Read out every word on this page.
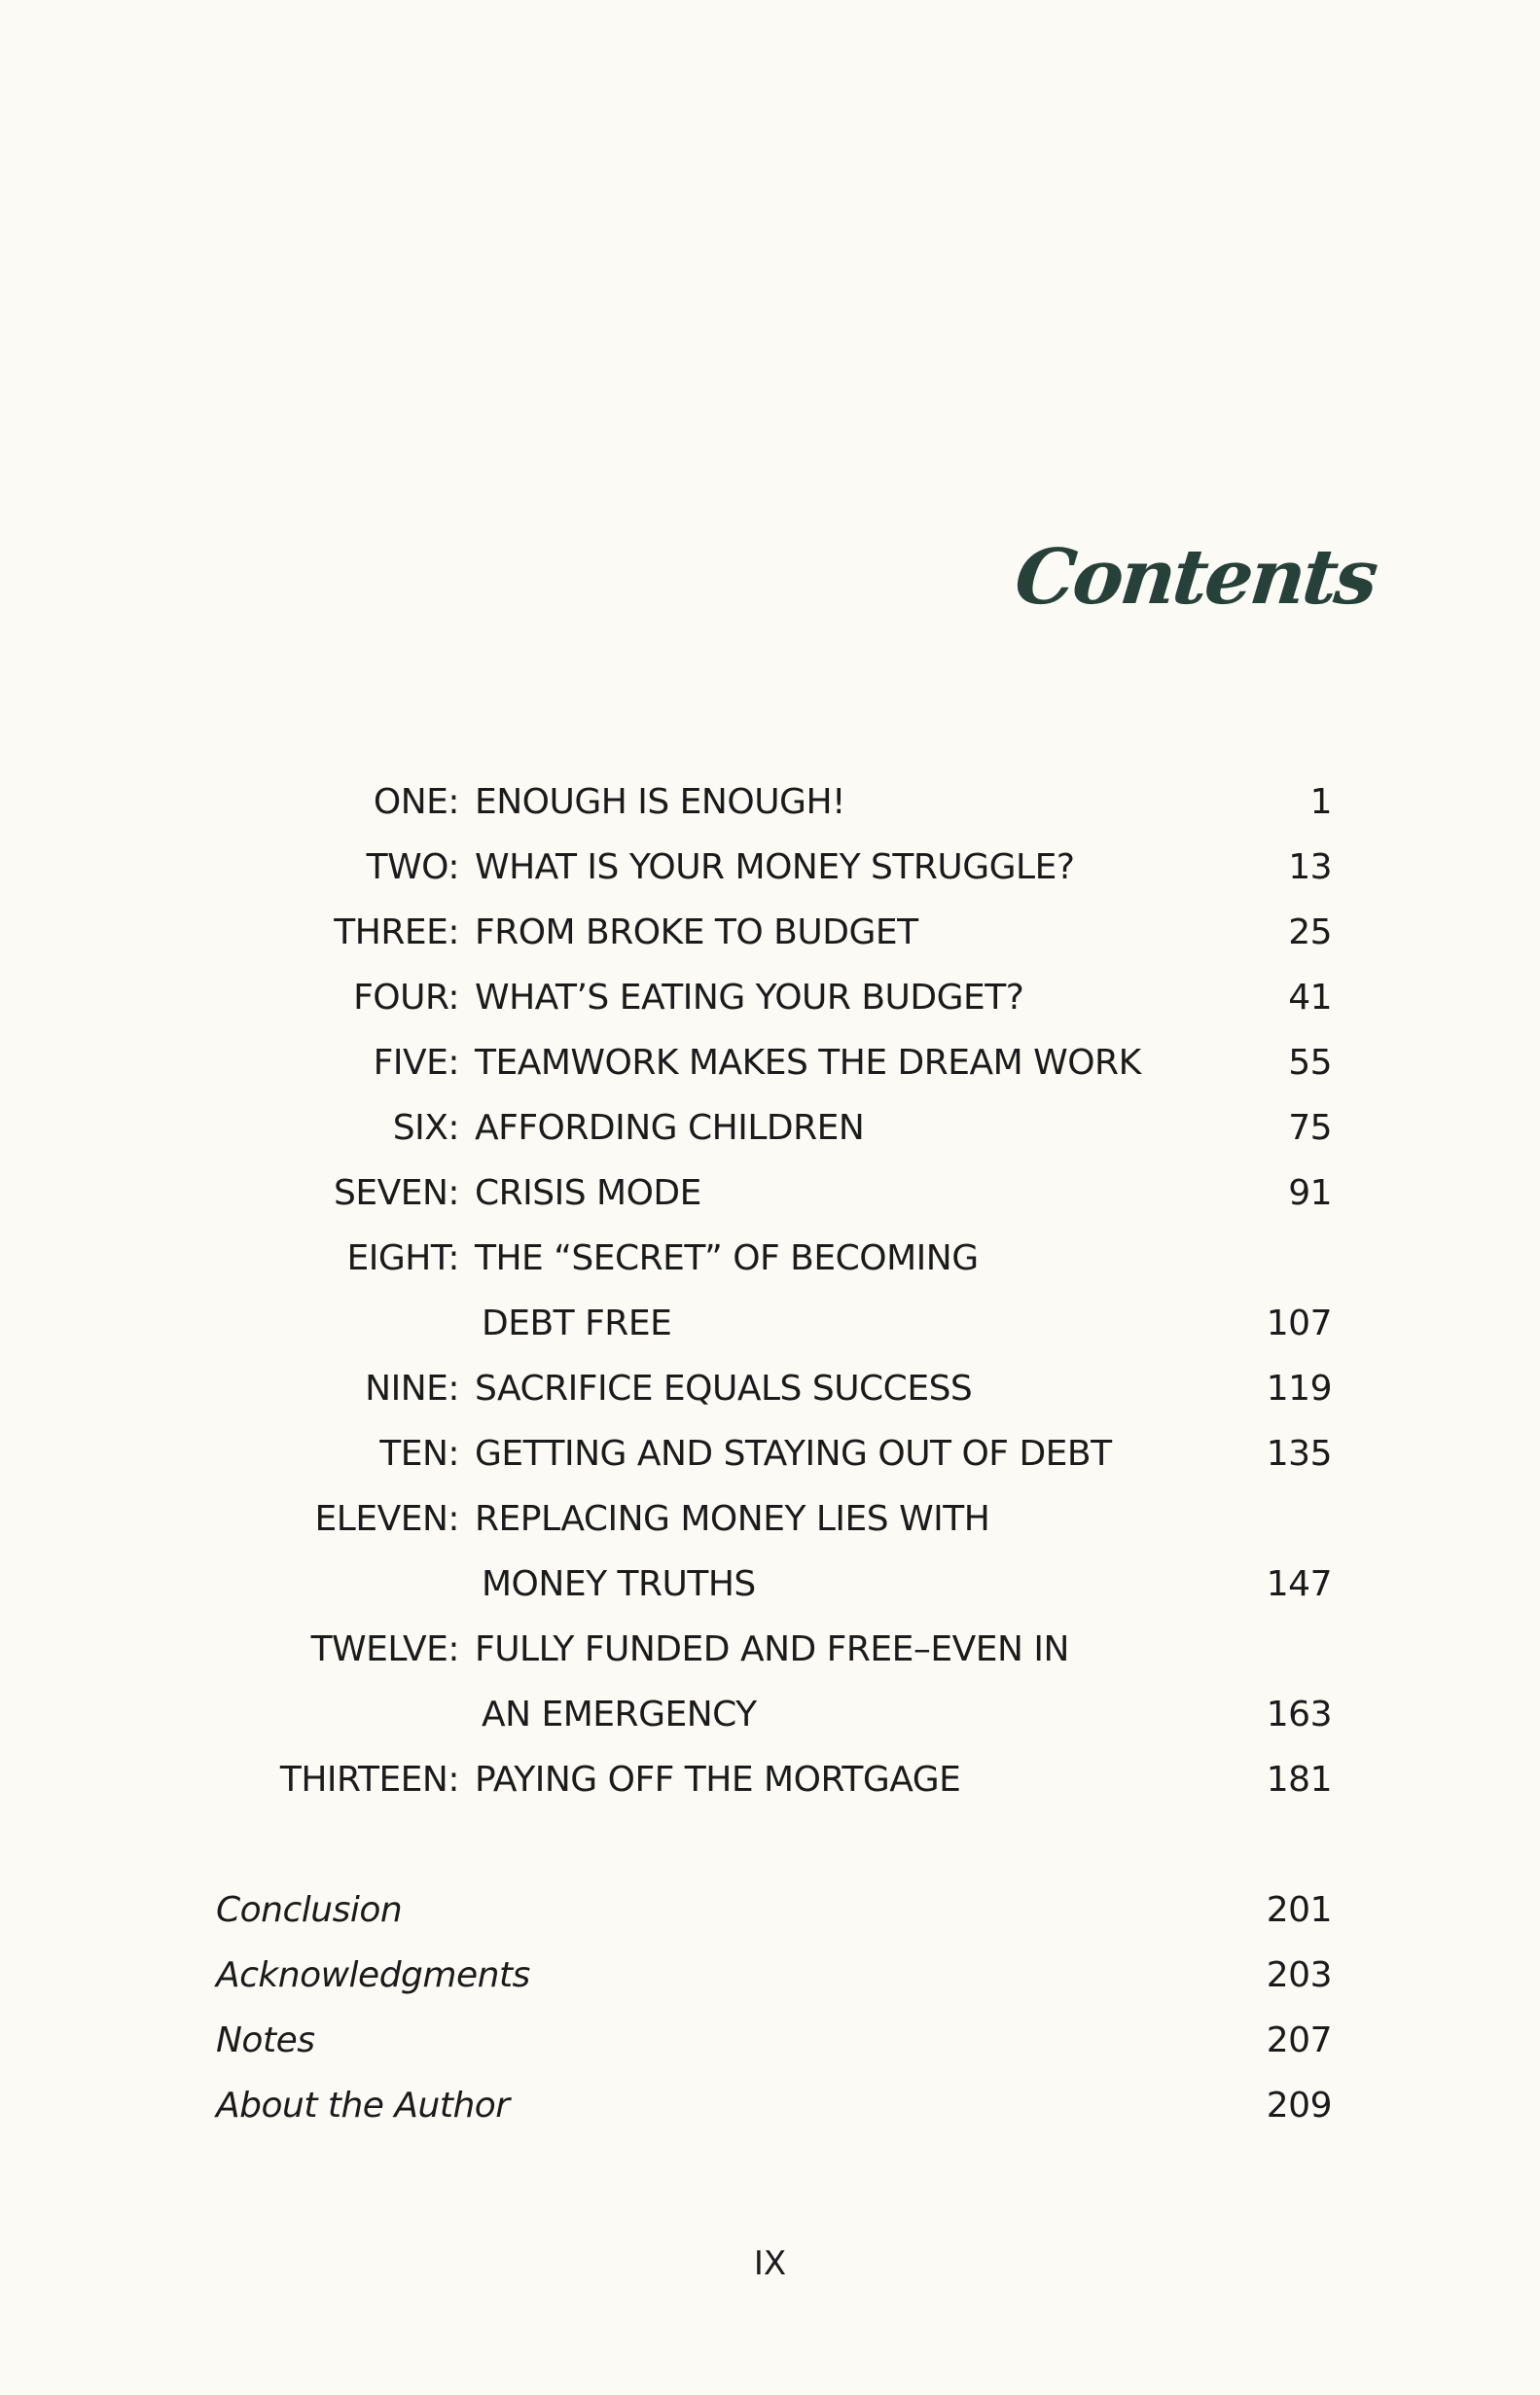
Contents
ONE: ENOUGH IS ENOUGH!	1
TWO: WHAT IS YOUR MONEY STRUGGLE?	13
THREE: FROM BROKE TO BUDGET	25
FOUR: WHAT’S EATING YOUR BUDGET?	41
FIVE: TEAMWORK MAKES THE DREAM WORK	55
SIX: AFFORDING CHILDREN	75
SEVEN: CRISIS MODE	91
EIGHT: THE “SECRET” OF BECOMING
DEBT FREE	107
NINE: SACRIFICE EQUALS SUCCESS	119
TEN: GETTING AND STAYING OUT OF DEBT	135
ELEVEN: REPLACING MONEY LIES WITH
MONEY TRUTHS	147
TWELVE: FULLY FUNDED AND FREE–EVEN IN
AN EMERGENCY	163
THIRTEEN: PAYING OFF THE MORTGAGE	181
Conclusion	201
Acknowledgments	203
Notes	207
About the Author	209
IX
